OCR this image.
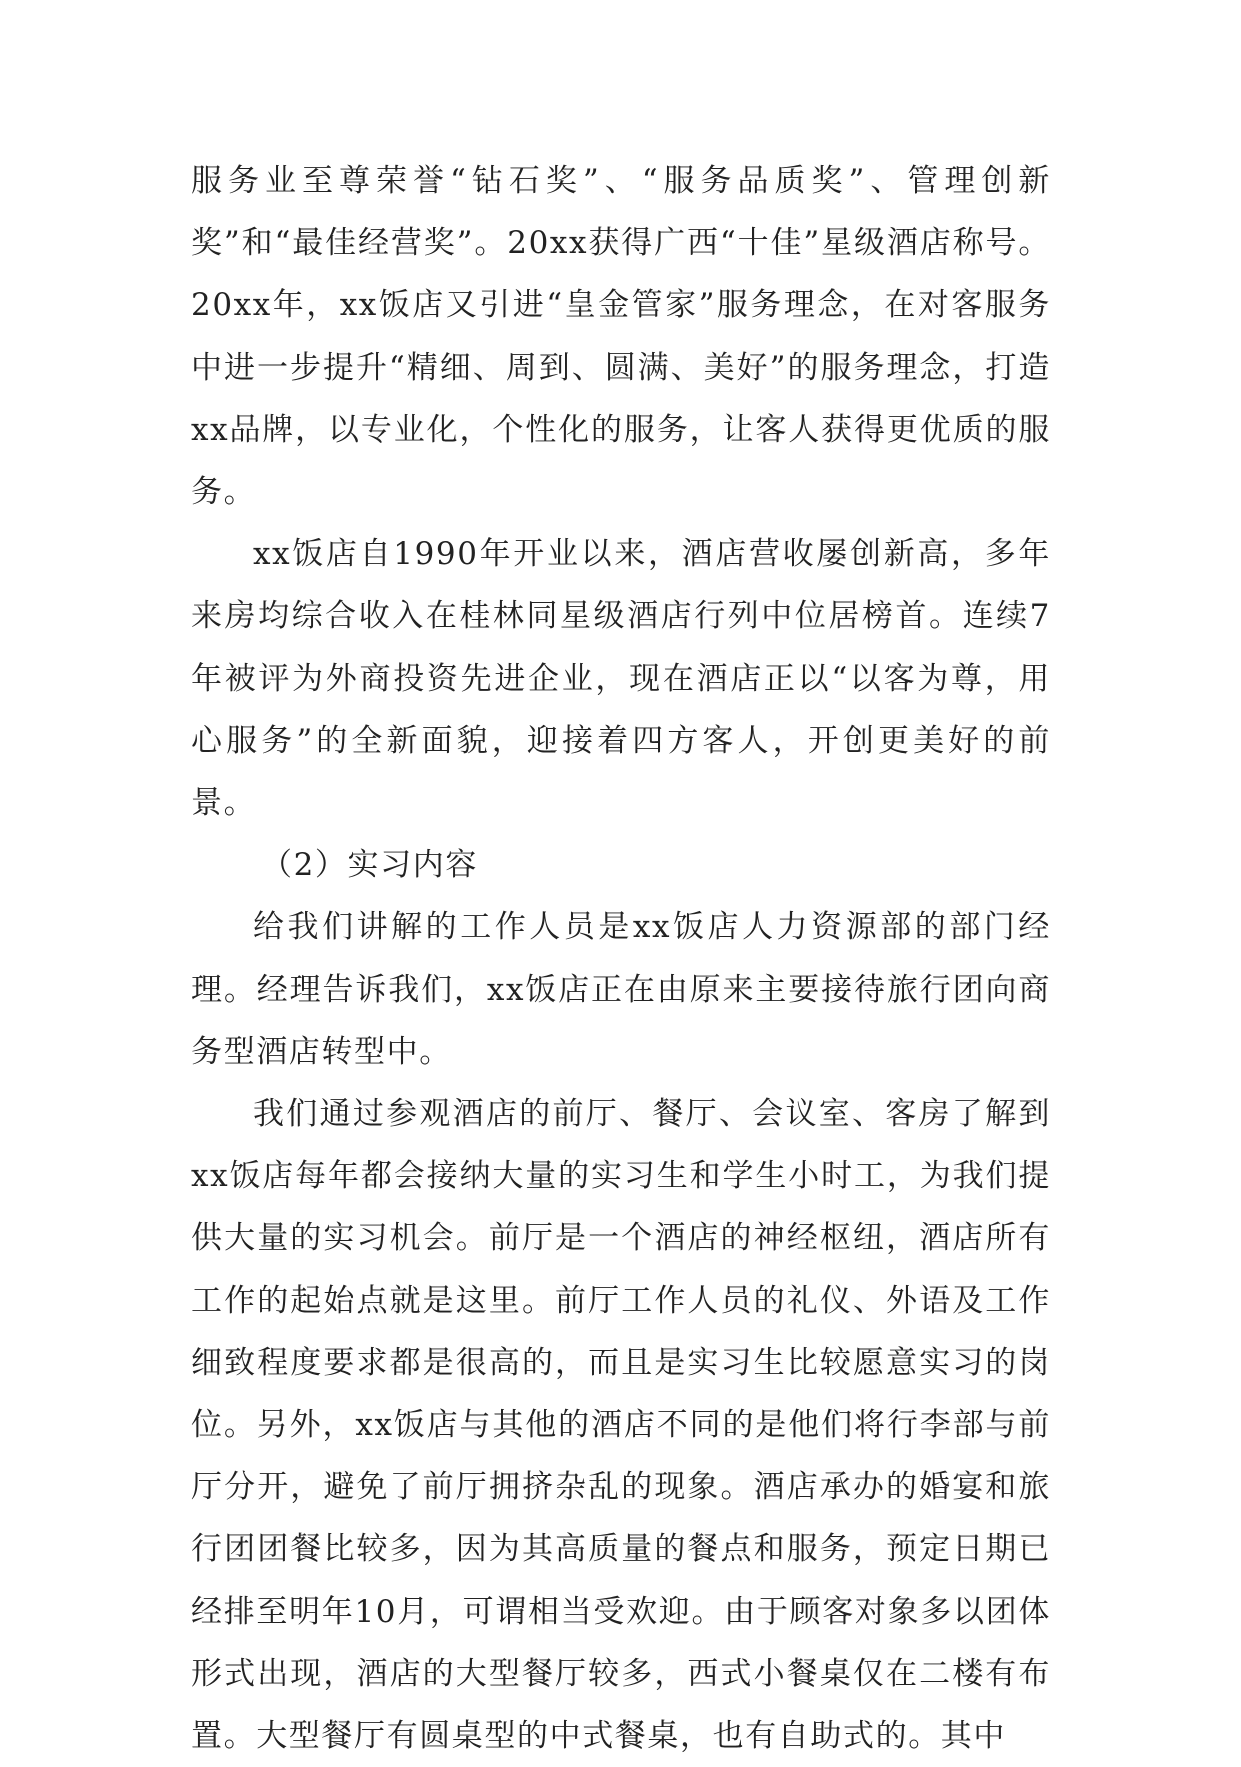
服务业至尊荣誉“钻石奖”、“服务品质奖”、管理创新奖”和“最佳经营奖”。20xx获得广西“十佳”星级酒店称号。20xx年，xx饭店又引进“皇金管家”服务理念，在对客服务中进一步提升“精细、周到、圆满、美好”的服务理念，打造xx品牌，以专业化，个性化的服务，让客人获得更优质的服务。

xx饭店自1990年开业以来，酒店营收屡创新高，多年来房均综合收入在桂林同星级酒店行列中位居榜首。连续7年被评为外商投资先进企业，现在酒店正以“以客为尊，用心服务”的全新面貌，迎接着四方客人，开创更美好的前景。

（2）实习内容

给我们讲解的工作人员是xx饭店人力资源部的部门经理。经理告诉我们，xx饭店正在由原来主要接待旅行团向商务型酒店转型中。

我们通过参观酒店的前厅、餐厅、会议室、客房了解到xx饭店每年都会接纳大量的实习生和学生小时工，为我们提供大量的实习机会。前厅是一个酒店的神经枢纽，酒店所有工作的起始点就是这里。前厅工作人员的礼仪、外语及工作细致程度要求都是很高的，而且是实习生比较愿意实习的岗位。另外，xx饭店与其他的酒店不同的是他们将行李部与前厅分开，避免了前厅拥挤杂乱的现象。酒店承办的婚宴和旅行团团餐比较多，因为其高质量的餐点和服务，预定日期已经排至明年10月，可谓相当受欢迎。由于顾客对象多以团体形式出现，酒店的大型餐厅较多，西式小餐桌仅在二楼有布置。大型餐厅有圆桌型的中式餐桌，也有自助式的。其中
